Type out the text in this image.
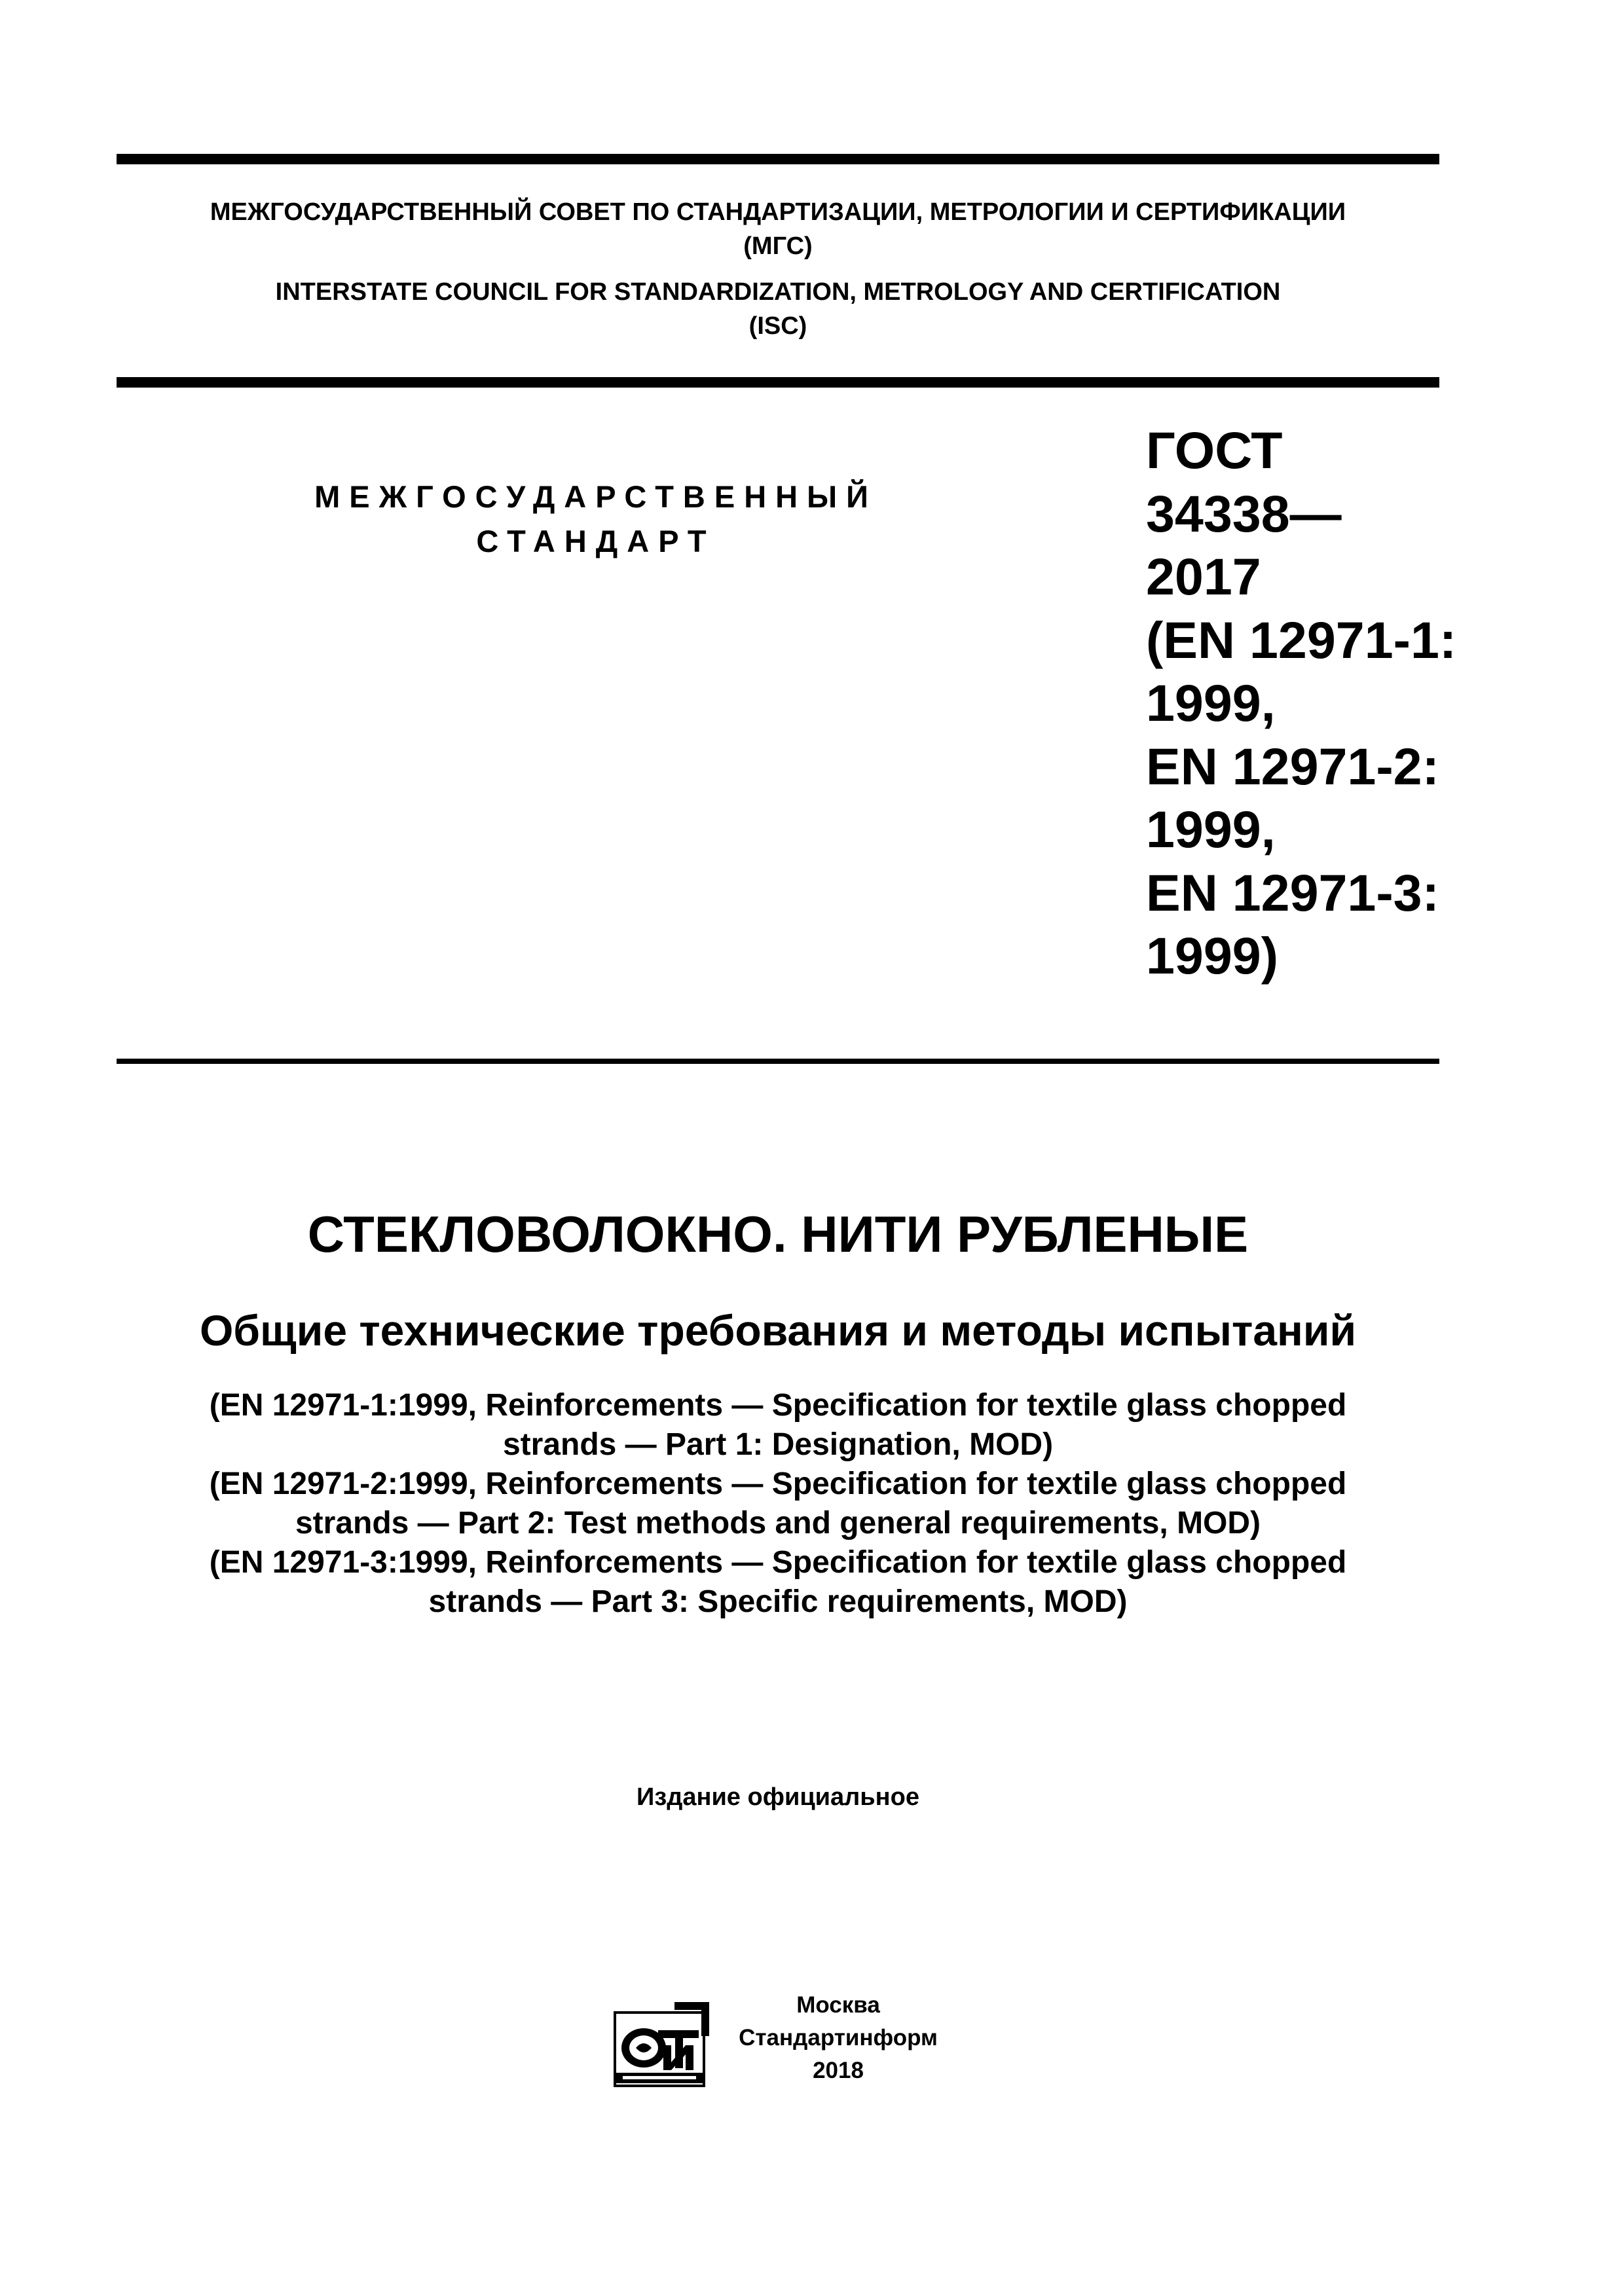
МЕЖГОСУДАРСТВЕННЫЙ СОВЕТ ПО СТАНДАРТИЗАЦИИ, МЕТРОЛОГИИ И СЕРТИФИКАЦИИ
(МГС)
INTERSTATE COUNCIL FOR STANDARDIZATION, METROLOGY AND CERTIFICATION
(ISC)
МЕЖГОСУДАРСТВЕННЫЙ
СТАНДАРТ
ГОСТ
34338—
2017
(EN 12971-1:
1999,
EN 12971-2:
1999,
EN 12971-3:
1999)
СТЕКЛОВОЛОКНО. НИТИ РУБЛЕНЫЕ
Общие технические требования и методы испытаний
(EN 12971-1:1999, Reinforcements — Specification for textile glass chopped
strands — Part 1: Designation, MOD)
(EN 12971-2:1999, Reinforcements — Specification for textile glass chopped
strands — Part 2: Test methods and general requirements, MOD)
(EN 12971-3:1999, Reinforcements — Specification for textile glass chopped
strands — Part 3: Specific requirements, MOD)
Издание официальное
Москва
Стандартинформ
2018
